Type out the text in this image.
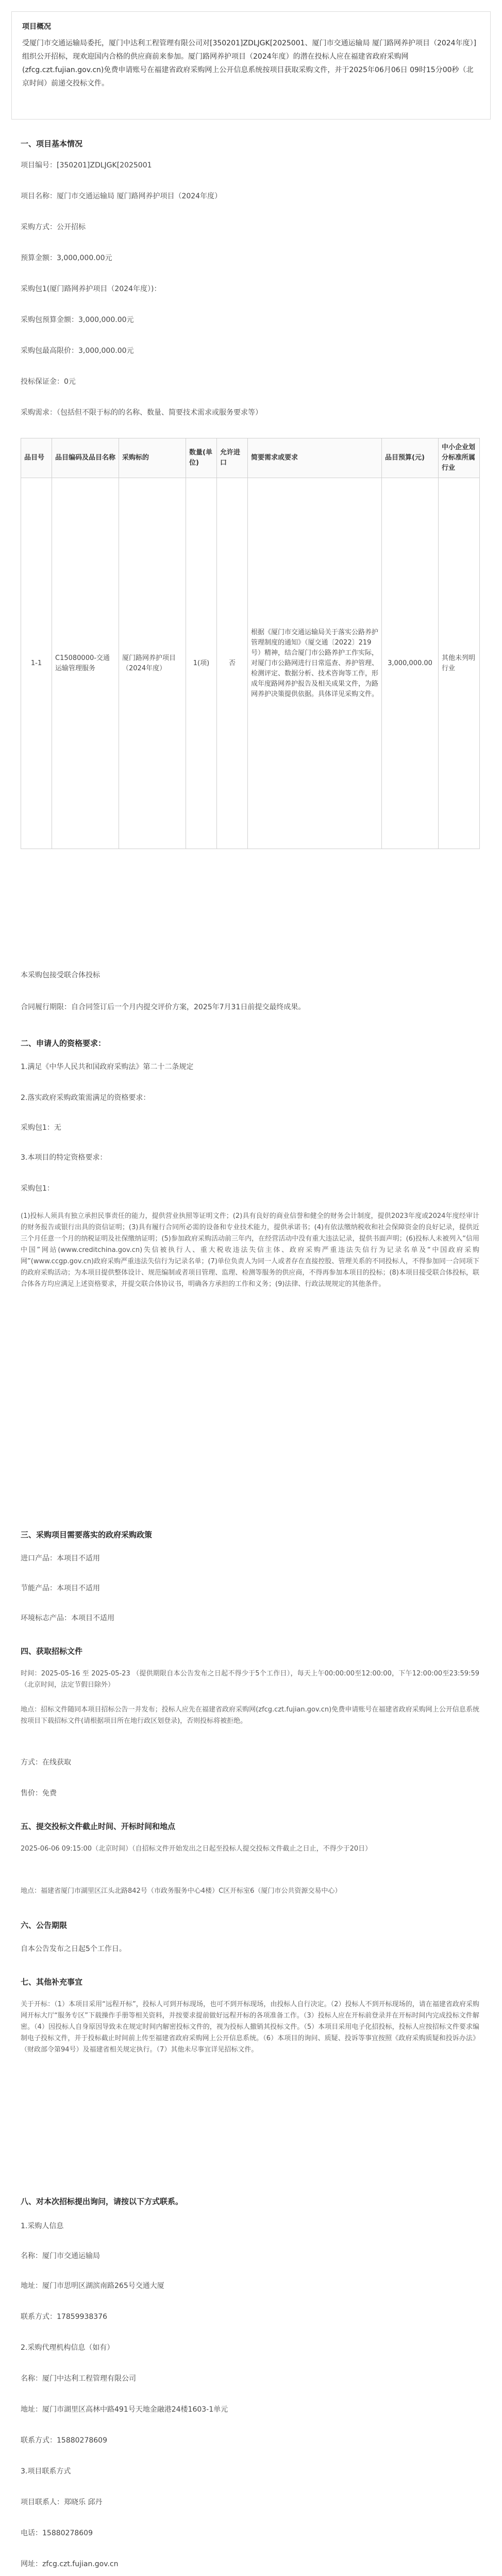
项目概况
受厦门市交通运输局委托，厦门中达利工程管理有限公司对[350201]ZDLJGK[2025001、厦门市交通运输局 厦门路网养护项目（2024年度）]组织公开招标，现欢迎国内合格的供应商前来参加。厦门路网养护项目（2024年度）的潜在投标人应在福建省政府采购网(zfcg.czt.fujian.gov.cn)免费申请账号在福建省政府采购网上公开信息系统按项目获取采购文件，并于2025年06月06日 09时15分00秒（北京时间）前递交投标文件。
一、项目基本情况
项目编号：[350201]ZDLJGK[2025001
项目名称：厦门市交通运输局 厦门路网养护项目（2024年度）
采购方式：公开招标
预算金额：3,000,000.00元
采购包1(厦门路网养护项目（2024年度）)：
采购包预算金额：3,000,000.00元
采购包最高限价：3,000,000.00元
投标保证金：0元
采购需求：（包括但不限于标的的名称、数量、简要技术需求或服务要求等）
品目号	品目编码及品目名称	采购标的	数量(单位)	允许进口	简要需求或要求	品目预算(元)	中小企业划分标准所属行业
1-1	C15080000-交通运输管理服务	厦门路网养护项目（2024年度）	1(项)	否	根据《厦门市交通运输局关于落实公路养护管理制度的通知》（厦交通〔2022〕219号）精神，结合厦门市公路养护工作实际，对厦门市公路网进行日常巡查、养护管理、检测评定、数据分析、技术咨询等工作，形成年度路网养护报告及相关成果文件，为路网养护决策提供依据。具体详见采购文件。	3,000,000.00	其他未列明行业
本采购包接受联合体投标
合同履行期限：自合同签订后一个月内提交评价方案，2025年7月31日前提交最终成果。
二、申请人的资格要求：
1.满足《中华人民共和国政府采购法》第二十二条规定
2.落实政府采购政策需满足的资格要求：
采购包1：无
3.本项目的特定资格要求：
采购包1：
(1)投标人须具有独立承担民事责任的能力，提供营业执照等证明文件；(2)具有良好的商业信誉和健全的财务会计制度，提供2023年度或2024年度经审计的财务报告或银行出具的资信证明；(3)具有履行合同所必需的设备和专业技术能力，提供承诺书；(4)有依法缴纳税收和社会保障资金的良好记录，提供近三个月任意一个月的纳税证明及社保缴纳证明；(5)参加政府采购活动前三年内，在经营活动中没有重大违法记录，提供书面声明；(6)投标人未被列入“信用中国”网站(www.creditchina.gov.cn)失信被执行人、重大税收违法失信主体、政府采购严重违法失信行为记录名单及“中国政府采购网”(www.ccgp.gov.cn)政府采购严重违法失信行为记录名单；(7)单位负责人为同一人或者存在直接控股、管理关系的不同投标人，不得参加同一合同项下的政府采购活动；为本项目提供整体设计、规范编制或者项目管理、监理、检测等服务的供应商，不得再参加本项目的投标；(8)本项目接受联合体投标，联合体各方均应满足上述资格要求，并提交联合体协议书，明确各方承担的工作和义务；(9)法律、行政法规规定的其他条件。
三、采购项目需要落实的政府采购政策
进口产品：本项目不适用
节能产品：本项目不适用
环境标志产品：本项目不适用
四、获取招标文件
时间：2025-05-16 至 2025-05-23 （提供期限自本公告发布之日起不得少于5个工作日），每天上午00:00:00至12:00:00，下午12:00:00至23:59:59（北京时间，法定节假日除外）
地点：招标文件随同本项目招标公告一并发布；投标人应先在福建省政府采购网(zfcg.czt.fujian.gov.cn)免费申请账号在福建省政府采购网上公开信息系统按项目下载招标文件(请根据项目所在地行政区划登录)，否则投标将被拒绝。
方式：在线获取
售价：免费
五、提交投标文件截止时间、开标时间和地点
2025-06-06 09:15:00（北京时间）（自招标文件开始发出之日起至投标人提交投标文件截止之日止，不得少于20日）
地点：福建省厦门市湖里区江头北路842号（市政务服务中心4楼）C区开标室6（厦门市公共资源交易中心）
六、公告期限
自本公告发布之日起5个工作日。
七、其他补充事宜
关于开标：（1）本项目采用“远程开标”，投标人可到开标现场，也可不到开标现场，由投标人自行决定。（2）投标人不到开标现场的，请在福建省政府采购网开标大厅“服务专区”下载操作手册等相关资料，并按要求提前做好远程开标的各项准备工作。（3）投标人应在开标前登录并在开标时间内完成投标文件解密。（4）因投标人自身原因导致未在规定时间内解密投标文件的，视为投标人撤销其投标文件。（5）本项目采用电子化招投标，投标人应按招标文件要求编制电子投标文件，并于投标截止时间前上传至福建省政府采购网上公开信息系统。（6）本项目的询问、质疑、投诉等事宜按照《政府采购质疑和投诉办法》（财政部令第94号）及福建省相关规定执行。（7）其他未尽事宜详见招标文件。
八、对本次招标提出询问，请按以下方式联系。
1.采购人信息
名称：厦门市交通运输局
地址：厦门市思明区湖滨南路265号交通大厦
联系方式：17859938376
2.采购代理机构信息（如有）
名称：厦门中达利工程管理有限公司
地址：厦门市湖里区高林中路491号天地金融港24楼1603-1单元
联系方式：15880278609
3.项目联系方式
项目联系人：郑晓乐 邱丹
电话：15880278609
网址：zfcg.czt.fujian.gov.cn
